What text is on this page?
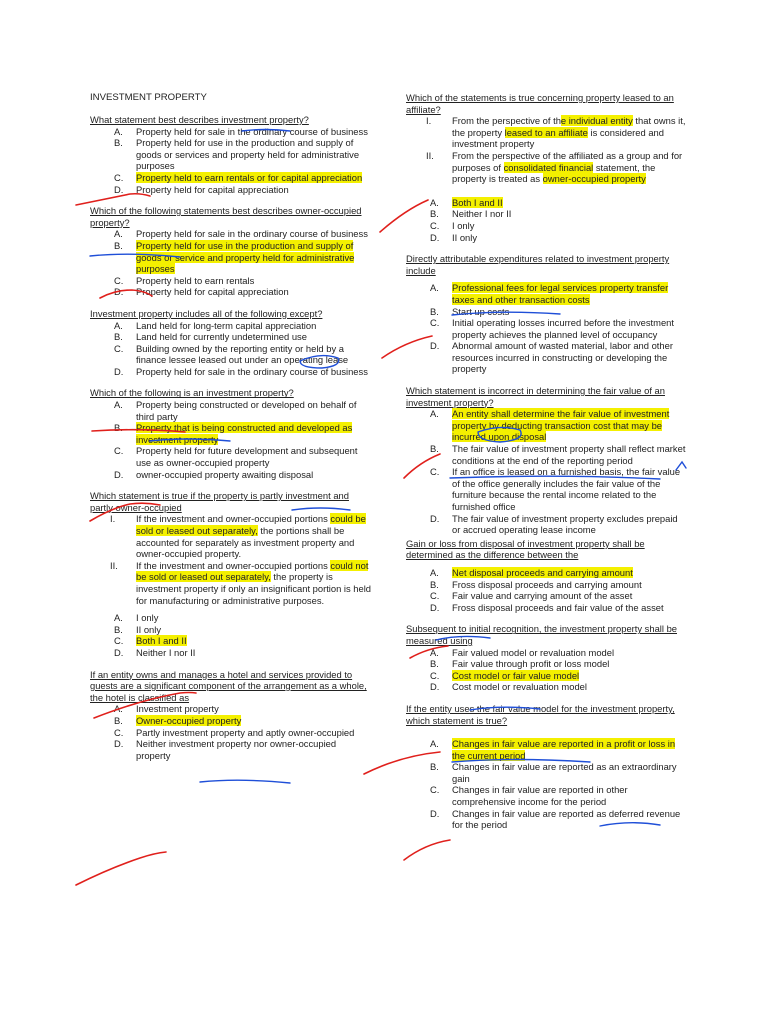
INVESTMENT PROPERTY

What statement best describes investment property?

A.	Property held for sale in the ordinary course of business
B.	Property held for use in the production and supply of goods or services and property held for administrative purposes
C.	Property held to earn rentals or for capital appreciation
D.	Property held for capital appreciation

Which of the following statements best describes owner-occupied property?

A.	Property held for sale in the ordinary course of business
B.	Property held for use in the production and supply of goods or service and property held for administrative purposes
C.	Property held to earn rentals
D.	Property held for capital appreciation

Investment property includes all of the following except?

A.	Land held for long-term capital appreciation
B.	Land held for currently undetermined use
C.	Building owned by the reporting entity or held by a finance lessee leased out under an operating lease
D.	Property held for sale in the ordinary course of business

Which of the following is an investment property?

A.	Property being constructed or developed on behalf of third party
B.	Property that is being constructed and developed as investment property
C.	Property held for future development and subsequent use as owner-occupied property
D.	owner-occupied property awaiting disposal

Which statement is true if the property is partly investment and partly owner-occupied

I.	If the investment and owner-occupied portions could be sold or leased out separately, the portions shall be accounted for separately as investment property and owner-occupied property.
II.	If the investment and owner-occupied portions could not be sold or leased out separately, the property is investment property if only an insignificant portion is held for manufacturing or administrative purposes.
A.	I only
B.	II only
C.	Both I and II
D.	Neither I nor II

If an entity owns and manages a hotel and services provided to guests are a significant component of the arrangement as a whole, the hotel is classified as

A.	Investment property
B.	Owner-occupied property
C.	Partly investment property and aptly owner-occupied
D.	Neither investment property nor owner-occupied property

Which of the statements is true concerning property leased to an affiliate?

I.	From the perspective of the individual entity that owns it, the property leased to an affiliate is considered and investment property
II.	From the perspective of the affiliated as a group and for purposes of consolidated financial statement, the property is treated as owner-occupied property
A.	Both I and II
B.	Neither I nor II
C.	I only
D.	II only

Directly attributable expenditures related to investment property include

A.	Professional fees for legal services property transfer taxes and other transaction costs
B.	Start up costs
C.	Initial operating losses incurred before the investment property achieves the planned level of occupancy
D.	Abnormal amount of wasted material, labor and other resources incurred in constructing or developing the property

Which statement is incorrect in determining the fair value of an investment property?

A.	An entity shall determine the fair value of investment property by deducting transaction cost that may be incurred upon disposal
B.	The fair value of investment property shall reflect market conditions at the end of the reporting period
C.	If an office is leased on a furnished basis, the fair value of the office generally includes the fair value of the furniture because the rental income related to the furnished office
D.	The fair value of investment property excludes prepaid or accrued operating lease income

Gain or loss from disposal of investment property shall be determined as the difference between the

A.	Net disposal proceeds and carrying amount
B.	Fross disposal proceeds and carrying amount
C.	Fair value and carrying amount of the asset
D.	Fross disposal proceeds and fair value of the asset

Subsequent to initial recognition, the investment property shall be measured using

A.	Fair valued model or revaluation model
B.	Fair value through profit or loss model
C.	Cost model or fair value model
D.	Cost model or revaluation model

If the entity uses the fair value model for the investment property, which statement is true?

A.	Changes in fair value are reported in a profit or loss in the current period
B.	Changes in fair value are reported as an extraordinary gain
C.	Changes in fair value are reported in other comprehensive income for the period
D.	Changes in fair value are reported as deferred revenue for the period
